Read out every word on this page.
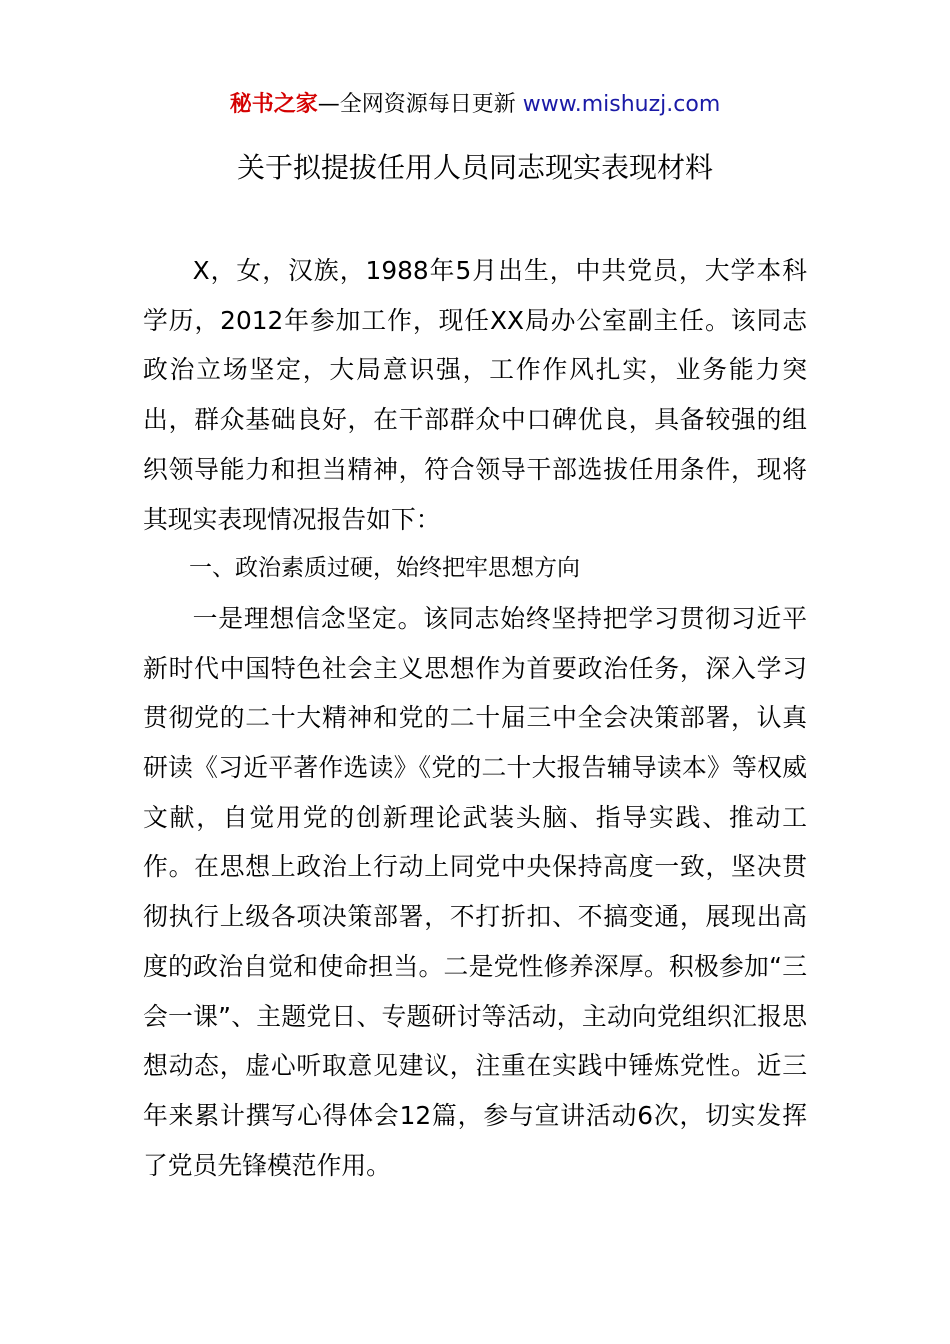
秘书之家—全网资源每日更新 www.mishuzj.com
关于拟提拔任用人员同志现实表现材料

X，女，汉族，1988年5月出生，中共党员，大学本科学历，2012年参加工作，现任XX局办公室副主任。该同志政治立场坚定，大局意识强，工作作风扎实，业务能力突出，群众基础良好，在干部群众中口碑优良，具备较强的组织领导能力和担当精神，符合领导干部选拔任用条件，现将其现实表现情况报告如下：

一、政治素质过硬，始终把牢思想方向

一是理想信念坚定。该同志始终坚持把学习贯彻习近平新时代中国特色社会主义思想作为首要政治任务，深入学习贯彻党的二十大精神和党的二十届三中全会决策部署，认真研读《习近平著作选读》《党的二十大报告辅导读本》等权威文献，自觉用党的创新理论武装头脑、指导实践、推动工作。在思想上政治上行动上同党中央保持高度一致，坚决贯彻执行上级各项决策部署，不打折扣、不搞变通，展现出高度的政治自觉和使命担当。二是党性修养深厚。积极参加“三会一课”、主题党日、专题研讨等活动，主动向党组织汇报思想动态，虚心听取意见建议，注重在实践中锤炼党性。近三年来累计撰写心得体会12篇，参与宣讲活动6次，切实发挥了党员先锋模范作用。
